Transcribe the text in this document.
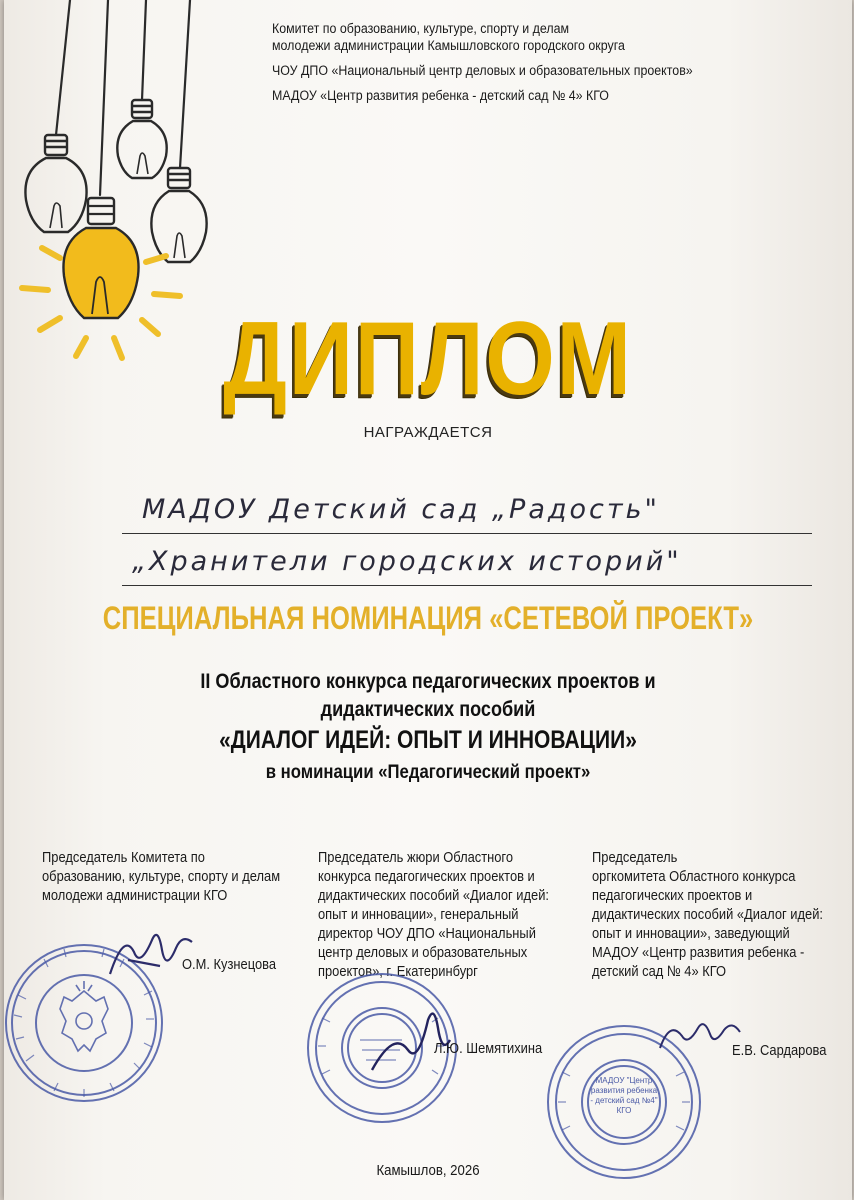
Комитет по образованию, культуре, спорту и делам
молодежи администрации Камышловского городского округа
ЧОУ ДПО «Национальный центр деловых и образовательных проектов»
МАДОУ «Центр развития ребенка - детский сад № 4» КГО
ДИПЛОМ
НАГРАЖДАЕТСЯ
МАДОУ Детский сад „Радость"
„Хранители городских историй"
СПЕЦИАЛЬНАЯ НОМИНАЦИЯ «СЕТЕВОЙ ПРОЕКТ»
II Областного конкурса педагогических проектов и
дидактических пособий
«ДИАЛОГ ИДЕЙ: ОПЫТ И ИННОВАЦИИ»
в номинации «Педагогический проект»
Председатель Комитета по
образованию, культуре, спорту и делам
молодежи администрации КГО
Председатель жюри Областного
конкурса педагогических проектов и
дидактических пособий «Диалог идей:
опыт и инновации», генеральный
директор ЧОУ ДПО «Национальный
центр деловых и образовательных
проектов», г. Екатеринбург
Председатель
оргкомитета Областного конкурса
педагогических проектов и
дидактических пособий «Диалог идей:
опыт и инновации», заведующий
МАДОУ «Центр развития ребенка -
детский сад № 4» КГО
О.М. Кузнецова
Л.Ю. Шемятихина
МАДОУ "Центр развития ребенка - детский сад №4" КГО
Е.В. Сардарова
Камышлов, 2026
